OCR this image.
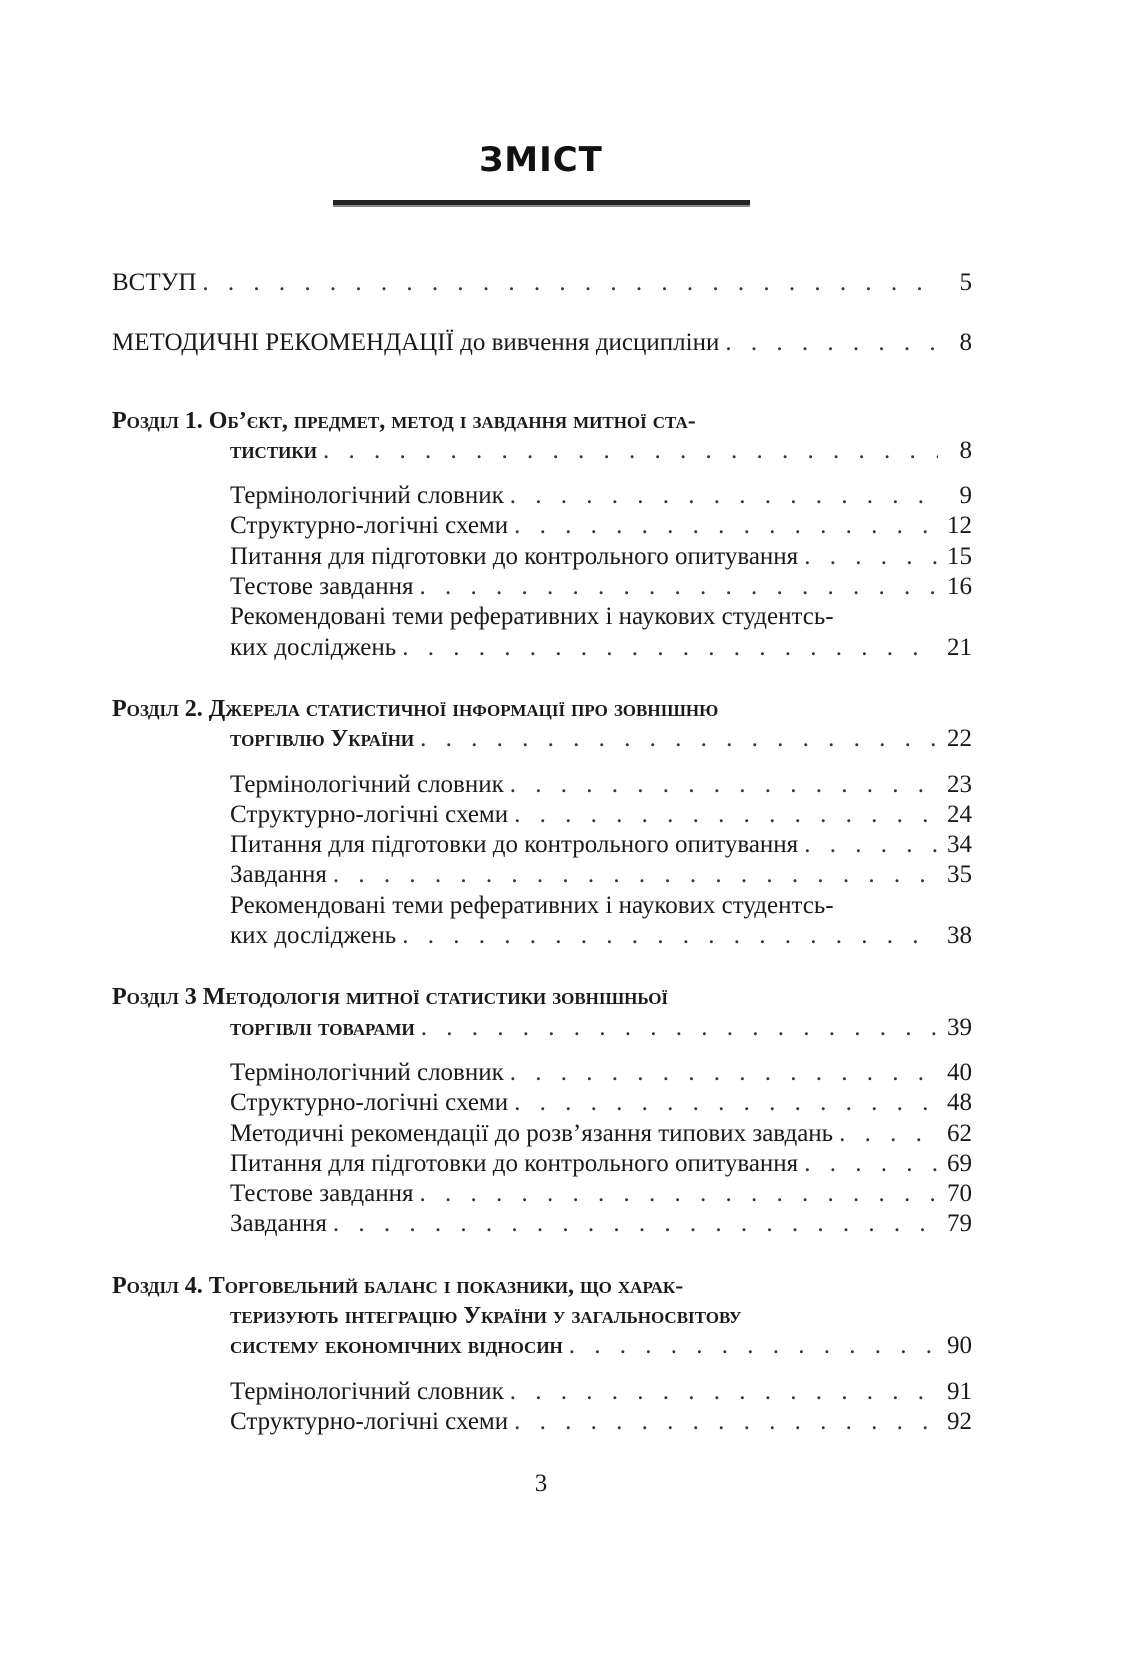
ЗМІСТ
ВСТУП . . .	5
МЕТОДИЧНІ РЕКОМЕНДАЦІЇ до вивчення дисципліни . . .	8
Розділ 1. Об’єкт, предмет, метод і завдання митної ста-
тистики . . .	8
Термінологічний словник . . .	9
Структурно-логічні схеми . . .	12
Питання для підготовки до контрольного опитування . . .	15
Тестове завдання . . .	16
Рекомендовані теми реферативних і наукових студентсь-
ких досліджень . . .	21
Розділ 2. Джерела статистичної інформації про зовнішню
торгівлю України . . .	22
Термінологічний словник . . .	23
Структурно-логічні схеми . . .	24
Питання для підготовки до контрольного опитування . . .	34
Завдання . . .	35
Рекомендовані теми реферативних і наукових студентсь-
ких досліджень . . .	38
Розділ 3 Методологія митної статистики зовнішньої
торгівлі товарами . . .	39
Термінологічний словник . . .	40
Структурно-логічні схеми . . .	48
Методичні рекомендації до розв’язання типових завдань . . .	62
Питання для підготовки до контрольного опитування . . .	69
Тестове завдання . . .	70
Завдання . . .	79
Розділ 4. Торговельний баланс і показники, що харак-
теризують інтеграцію України у загальносвітову
систему економічних відносин . . .	90
Термінологічний словник . . .	91
Структурно-логічні схеми . . .	92
3
